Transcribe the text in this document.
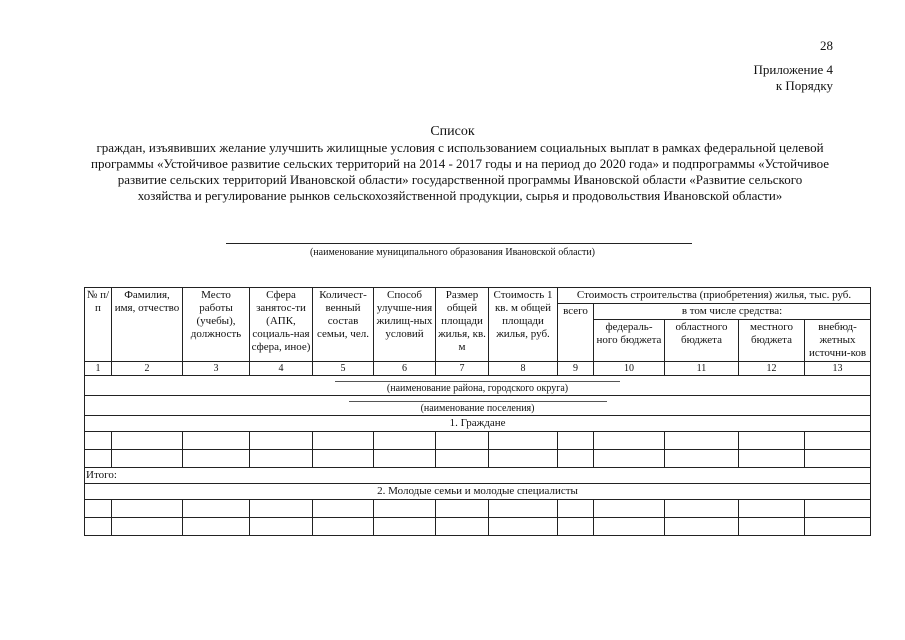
28
Приложение 4
к Порядку
Список
граждан, изъявивших желание улучшить жилищные условия с использованием социальных выплат в рамках федеральной целевой программы «Устойчивое развитие сельских территорий на 2014 - 2017 годы и на период до 2020 года» и подпрограммы «Устойчивое развитие сельских территорий Ивановской области» государственной программы Ивановской области «Развитие сельского хозяйства и регулирование рынков сельскохозяйственной продукции, сырья и продовольствия Ивановской области»
(наименование муниципального образования Ивановской области)
№ п/п	Фамилия, имя, отчество	Место работы (учебы), должность	Сфера занятос-ти (АПК, социаль-ная сфера, иное)	Количест-венный состав семьи, чел.	Способ улучше-ния жилищ-ных условий	Размер общей площади жилья, кв. м	Стоимость 1 кв. м общей площади жилья, руб.	Стоимость строительства (приобретения) жилья, тыс. руб.				
								всего	в том числе средства:			
									федераль-ного бюджета	областного бюджета	местного бюджета	внебюд-жетных источни-ков
1	2	3	4	5	6	7	8	9	10	11	12	13
(наименование района, городского округа)												
(наименование поселения)												
1. Граждане												

Итого:												
2. Молодые семьи и молодые специалисты												
